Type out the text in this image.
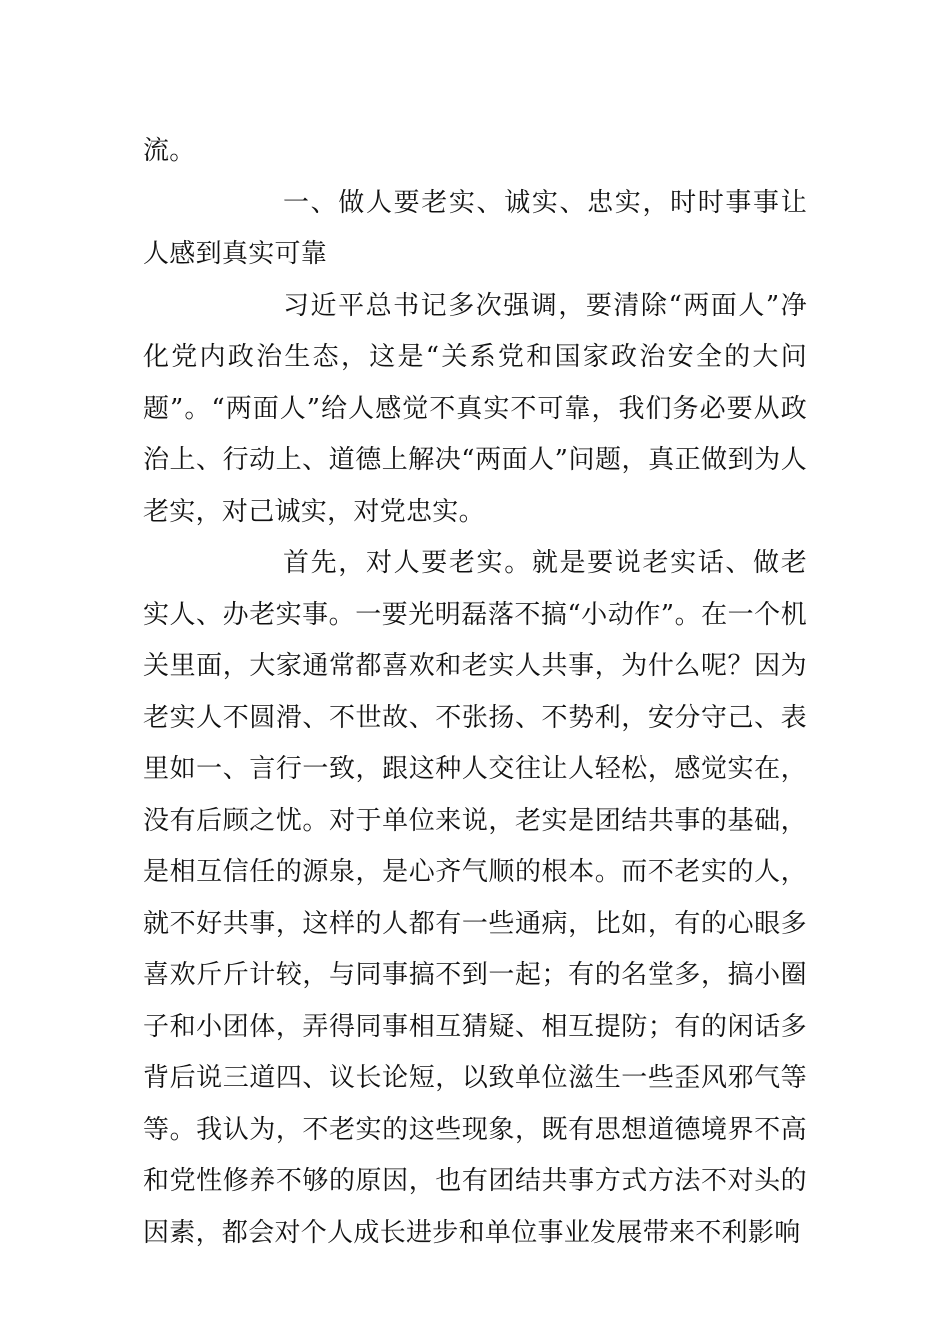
流。

一、做人要老实、诚实、忠实，时时事事让人感到真实可靠

习近平总书记多次强调，要清除“两面人”净化党内政治生态，这是“关系党和国家政治安全的大问题”。“两面人”给人感觉不真实不可靠，我们务必要从政治上、行动上、道德上解决“两面人”问题，真正做到为人老实，对己诚实，对党忠实。

首先，对人要老实。就是要说老实话、做老实人、办老实事。一要光明磊落不搞“小动作”。在一个机关里面，大家通常都喜欢和老实人共事，为什么呢？因为老实人不圆滑、不世故、不张扬、不势利，安分守己、表里如一、言行一致，跟这种人交往让人轻松，感觉实在，没有后顾之忧。对于单位来说，老实是团结共事的基础，是相互信任的源泉，是心齐气顺的根本。而不老实的人，就不好共事，这样的人都有一些通病，比如，有的心眼多喜欢斤斤计较，与同事搞不到一起；有的名堂多，搞小圈子和小团体，弄得同事相互猜疑、相互提防；有的闲话多背后说三道四、议长论短，以致单位滋生一些歪风邪气等等。我认为，不老实的这些现象，既有思想道德境界不高和党性修养不够的原因，也有团结共事方式方法不对头的因素，都会对个人成长进步和单位事业发展带来不利影响
